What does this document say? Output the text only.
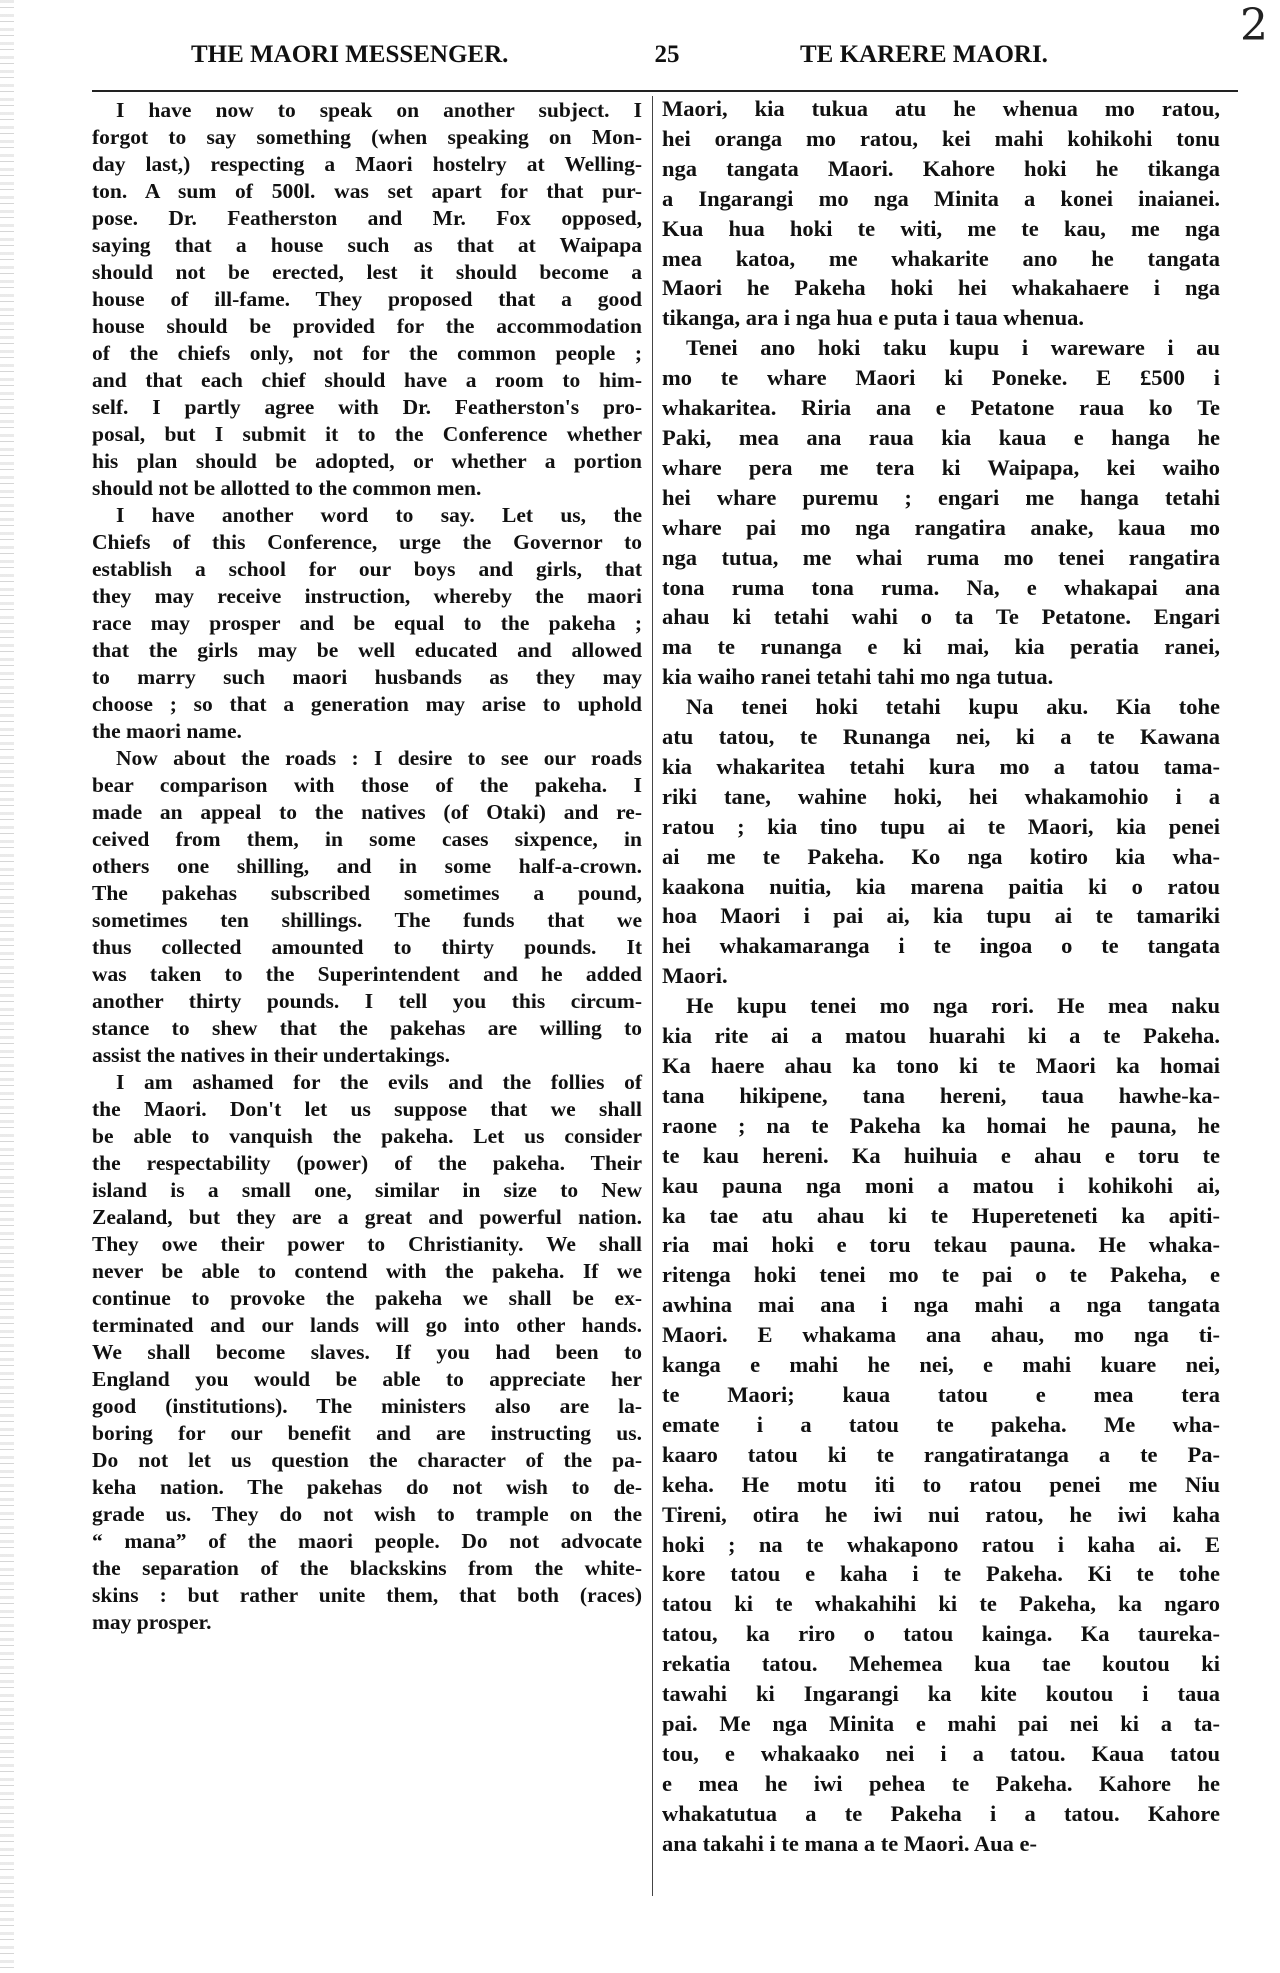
THE MAORI MESSENGER.	25	TE KARERE MAORI.
2
I have now to speak on another subject. I
forgot to say something (when speaking on Mon-
day last,) respecting a Maori hostelry at Welling-
ton. A sum of 500l. was set apart for that pur-
pose. Dr. Featherston and Mr. Fox opposed,
saying that a house such as that at Waipapa
should not be erected, lest it should become a
house of ill-fame. They proposed that a good
house should be provided for the accommodation
of the chiefs only, not for the common people ;
and that each chief should have a room to him-
self. I partly agree with Dr. Featherston's pro-
posal, but I submit it to the Conference whether
his plan should be adopted, or whether a portion
should not be allotted to the common men.
I have another word to say. Let us, the
Chiefs of this Conference, urge the Governor to
establish a school for our boys and girls, that
they may receive instruction, whereby the maori
race may prosper and be equal to the pakeha ;
that the girls may be well educated and allowed
to marry such maori husbands as they may
choose ; so that a generation may arise to uphold
the maori name.
Now about the roads : I desire to see our roads
bear comparison with those of the pakeha. I
made an appeal to the natives (of Otaki) and re-
ceived from them, in some cases sixpence, in
others one shilling, and in some half-a-crown.
The pakehas subscribed sometimes a pound,
sometimes ten shillings. The funds that we
thus collected amounted to thirty pounds. It
was taken to the Superintendent and he added
another thirty pounds. I tell you this circum-
stance to shew that the pakehas are willing to
assist the natives in their undertakings.
I am ashamed for the evils and the follies of
the Maori. Don't let us suppose that we shall
be able to vanquish the pakeha. Let us consider
the respectability (power) of the pakeha. Their
island is a small one, similar in size to New
Zealand, but they are a great and powerful nation.
They owe their power to Christianity. We shall
never be able to contend with the pakeha. If we
continue to provoke the pakeha we shall be ex-
terminated and our lands will go into other hands.
We shall become slaves. If you had been to
England you would be able to appreciate her
good (institutions). The ministers also are la-
boring for our benefit and are instructing us.
Do not let us question the character of the pa-
keha nation. The pakehas do not wish to de-
grade us. They do not wish to trample on the
“ mana” of the maori people. Do not advocate
the separation of the blackskins from the white-
skins : but rather unite them, that both (races)
may prosper.
Maori, kia tukua atu he whenua mo ratou,
hei oranga mo ratou, kei mahi kohikohi tonu
nga tangata Maori. Kahore hoki he tikanga
a Ingarangi mo nga Minita a konei inaianei.
Kua hua hoki te witi, me te kau, me nga
mea katoa, me whakarite ano he tangata
Maori he Pakeha hoki hei whakahaere i nga
tikanga, ara i nga hua e puta i taua whenua.
Tenei ano hoki taku kupu i wareware i au
mo te whare Maori ki Poneke. E £500 i
whakaritea. Riria ana e Petatone raua ko Te
Paki, mea ana raua kia kaua e hanga he
whare pera me tera ki Waipapa, kei waiho
hei whare puremu ; engari me hanga tetahi
whare pai mo nga rangatira anake, kaua mo
nga tutua, me whai ruma mo tenei rangatira
tona ruma tona ruma. Na, e whakapai ana
ahau ki tetahi wahi o ta Te Petatone. Engari
ma te runanga e ki mai, kia peratia ranei,
kia waiho ranei tetahi tahi mo nga tutua.
Na tenei hoki tetahi kupu aku. Kia tohe
atu tatou, te Runanga nei, ki a te Kawana
kia whakaritea tetahi kura mo a tatou tama-
riki tane, wahine hoki, hei whakamohio i a
ratou ; kia tino tupu ai te Maori, kia penei
ai me te Pakeha. Ko nga kotiro kia wha-
kaakona nuitia, kia marena paitia ki o ratou
hoa Maori i pai ai, kia tupu ai te tamariki
hei whakamaranga i te ingoa o te tangata
Maori.
He kupu tenei mo nga rori. He mea naku
kia rite ai a matou huarahi ki a te Pakeha.
Ka haere ahau ka tono ki te Maori ka homai
tana hikipene, tana hereni, taua hawhe-ka-
raone ; na te Pakeha ka homai he pauna, he
te kau hereni. Ka huihuia e ahau e toru te
kau pauna nga moni a matou i kohikohi ai,
ka tae atu ahau ki te Hupereteneti ka apiti-
ria mai hoki e toru tekau pauna. He whaka-
ritenga hoki tenei mo te pai o te Pakeha, e
awhina mai ana i nga mahi a nga tangata
Maori. E whakama ana ahau, mo nga ti-
kanga e mahi he nei, e mahi kuare nei,
te Maori; kaua tatou e mea tera
emate i a tatou te pakeha. Me wha-
kaaro tatou ki te rangatiratanga a te Pa-
keha. He motu iti to ratou penei me Niu
Tireni, otira he iwi nui ratou, he iwi kaha
hoki ; na te whakapono ratou i kaha ai. E
kore tatou e kaha i te Pakeha. Ki te tohe
tatou ki te whakahihi ki te Pakeha, ka ngaro
tatou, ka riro o tatou kainga. Ka taureka-
rekatia tatou. Mehemea kua tae koutou ki
tawahi ki Ingarangi ka kite koutou i taua
pai. Me nga Minita e mahi pai nei ki a ta-
tou, e whakaako nei i a tatou. Kaua tatou
e mea he iwi pehea te Pakeha. Kahore he
whakatutua a te Pakeha i a tatou. Kahore
ana takahi i te mana a te Maori. Aua e-
